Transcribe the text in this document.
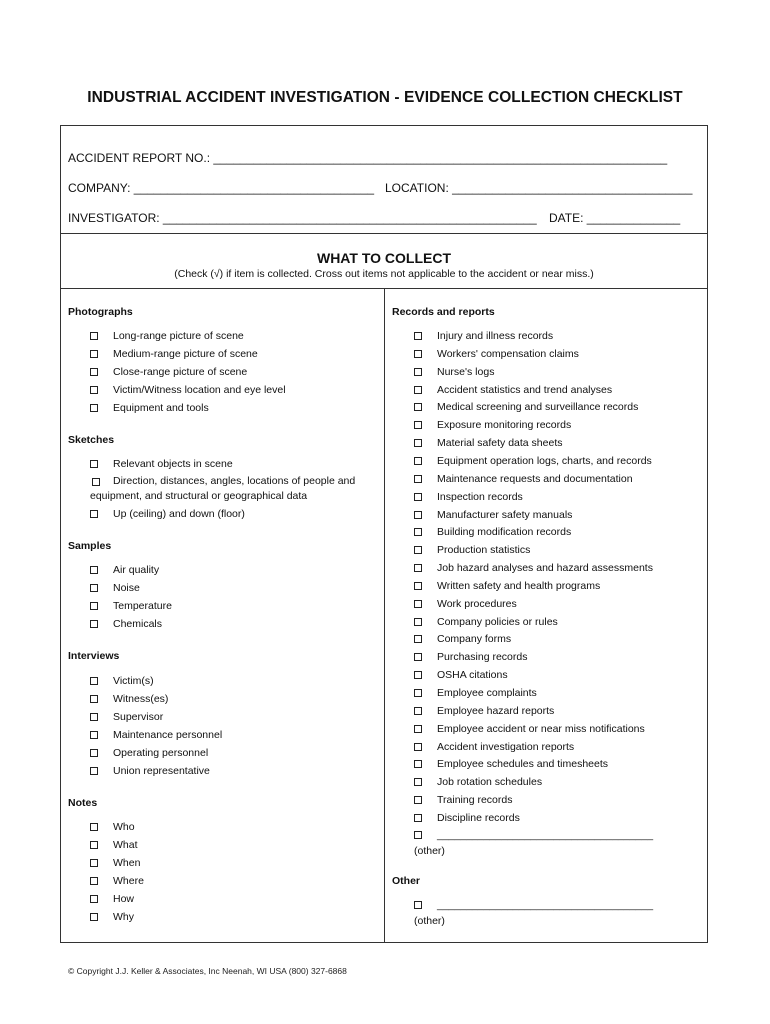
INDUSTRIAL ACCIDENT INVESTIGATION - EVIDENCE COLLECTION CHECKLIST
ACCIDENT REPORT NO.: ____________________________________________________________________
COMPANY: ____________________________________ LOCATION: ____________________________________
INVESTIGATOR: ________________________________________________________ DATE: ______________
WHAT TO COLLECT
(Check (√) if item is collected. Cross out items not applicable to the accident or near miss.)
Photographs
Long-range picture of scene
Medium-range picture of scene
Close-range picture of scene
Victim/Witness location and eye level
Equipment and tools
Sketches
Relevant objects in scene
Direction, distances, angles, locations of people and equipment, and structural or geographical data
Up (ceiling) and down (floor)
Samples
Air quality
Noise
Temperature
Chemicals
Interviews
Victim(s)
Witness(es)
Supervisor
Maintenance personnel
Operating personnel
Union representative
Notes
Who
What
When
Where
How
Why
Records and reports
Injury and illness records
Workers' compensation claims
Nurse's logs
Accident statistics and trend analyses
Medical screening and surveillance records
Exposure monitoring records
Material safety data sheets
Equipment operation logs, charts, and records
Maintenance requests and documentation
Inspection records
Manufacturer safety manuals
Building modification records
Production statistics
Job hazard analyses and hazard assessments
Written safety and health programs
Work procedures
Company policies or rules
Company forms
Purchasing records
OSHA citations
Employee complaints
Employee hazard reports
Employee accident or near miss notifications
Accident investigation reports
Employee schedules and timesheets
Job rotation schedules
Training records
Discipline records
_____________________________________
(other)
Other
_____________________________________
(other)
© Copyright J.J. Keller & Associates, Inc Neenah, WI USA (800) 327-6868
